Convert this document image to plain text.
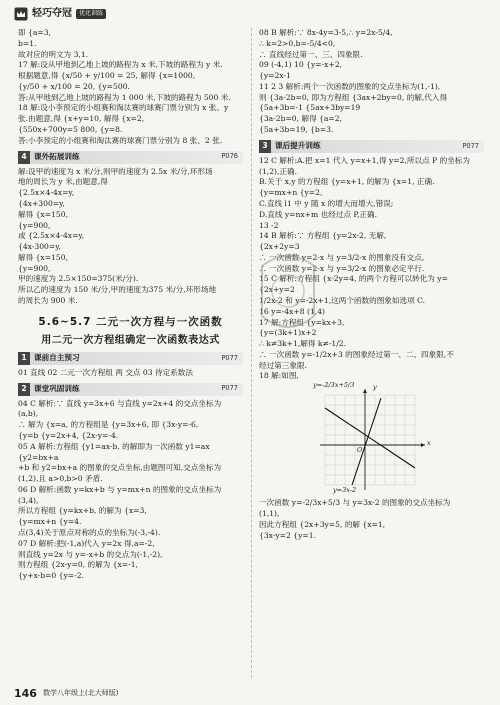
轻巧夺冠	优化训练

即 {a=3,

b=1.

故对应的明文为 3,1.

17 解:设从甲地到乙地上坡的路程为 x 米,下坡的路程为 y 米.

根据题意,得 {x/50 + y/100 = 25, 解得 {x=1000,

{y/50 + x/100 = 20, {y=500.

答:从甲地到乙地上坡的路程为 1 000 米,下坡的路程为 500 米.

18 解:设小李预定的小组赛和淘汰赛的球赛门票分别为 x 张、y

张.由题意,得 {x+y=10, 解得 {x=2,

{550x+700y=5 800, {y=8.

答:小李预定的小组赛和淘汰赛的球赛门票分别为 8 张、2 张.

4 课外拓展训练	P076

解:设甲的速度为 x 米/分,则甲的速度为 2.5x 米/分,环形场

地的周长为 y 米,由题意,得

{2.5x×4-4x=y,

{4x+300=y,

解得 {x=150,

{y=900,

或 {2.5x×4-4x=y,

{4x-300=y,

解得 {x=150,

{y=900,

甲的速度为 2.5×150=375(米/分).

所以乙的速度为 150 米/分,甲的速度为375 米/分,环形场地

的周长为 900 米.

5.6~5.7 二元一次方程与一次函数
用二元一次方程组确定一次函数表达式
1 课前自主预习	P077

01 直线 02 二元一次方程组 两 交点 03 待定系数法

2 课堂巩固训练	P077

04 C 解析:∵ 直线 y=3x+6 与直线 y=2x+4 的交点坐标为

(a,b),

∴ 解为 {x=a, 的方程组是 {y=3x+6, 即 {3x-y=-6,

{y=b {y=2x+4, {2x-y=-4.

05 A 解析:方程组 {y1=ax-b, 的解即为一次函数 y1=ax

{y2=bx+a

+b 和 y2=bx+a 的图象的交点坐标,由题图可知,交点坐标为

(1,2),且 a>0,b>0 矛盾.

06 D 解析:函数 y=kx+b 与 y=mx+n 的图象的交点坐标为

(3,4),

所以方程组 {y=kx+b, 的解为 {x=3,

{y=mx+n {y=4.

点(3,4)关于原点对称的点的坐标为(-3,-4).

07 D 解析:把(-1,a)代入 y=2x 得,a=-2,

则直线 y=2x 与 y=-x+b 的交点为(-1,-2),

则方程组 {2x-y=0, 的解为 {x=-1,

{y+x-b=0 {y=-2.

08 B 解析:∵ 8x-4y=3-5,∴ y=2x-5/4,

∴ k=2>0,b=-5/4<0,

∴ 直线经过第一、三、四象限.

09 (-4,1) 10 {y=-x+2,

{y=2x-1

11 2 3 解析:两个一次函数的图象的交点坐标为(1,-1),

则 {3a-2b=0, 即为方程组 {3ax+2by=0, 的解,代入得

{5a+3b=-1 {5ax+3by=19

{3a-2b=0, 解得 {a=2,

{5a+3b=19, {b=3.

3 课后提升训练	P077

12 C 解析:A.把 x=1 代入 y=x+1,得 y=2,所以点 P 的坐标为

(1,2),正确.

B.关于 x,y 的方程组 {y=x+1, 的解为 {x=1, 正确.

{y=mx+n {y=2,

C.直线 l1 中 y 随 x 的增大而增大,错误;

D.直线 y=nx+m 也经过点 P,正确.

13 -2

14 B 解析:∵ 方程组 {y=2x-2, 无解,

{2x+2y=3

∴ 一次函数 y=2-x 与 y=3/2-x 的图象没有交点,

∴ 一次函数 y=2-x 与 y=3/2-x 的图象必定平行.

15 C 解析:方程组 {x-2y=4, 的两个方程可以转化为 y=

{2x+y=2

1/2x-2 和 y=-2x+1,这两个函数的图象如选项 C.

16 y=-4x+8 (1,4)

17 解:方程组 {y=kx+3,

{y=(3k+1)x+2

∴ k≠3k+1,解得 k≠-1/2.

∴ 一次函数 y=-1/2x+3 的图象经过第一、二、四象限,不

经过第三象限.

18 解:如图,

y=-2/3x+5/3	y
x
O
y=3x-2

一次函数 y=-2/3x+5/3 与 y=3x-2 的图象的交点坐标为

(1,1),

因此方程组 {2x+3y=5, 的解 {x=1,

{3x-y=2 {y=1.

146 数学八年级上(北大师版)
